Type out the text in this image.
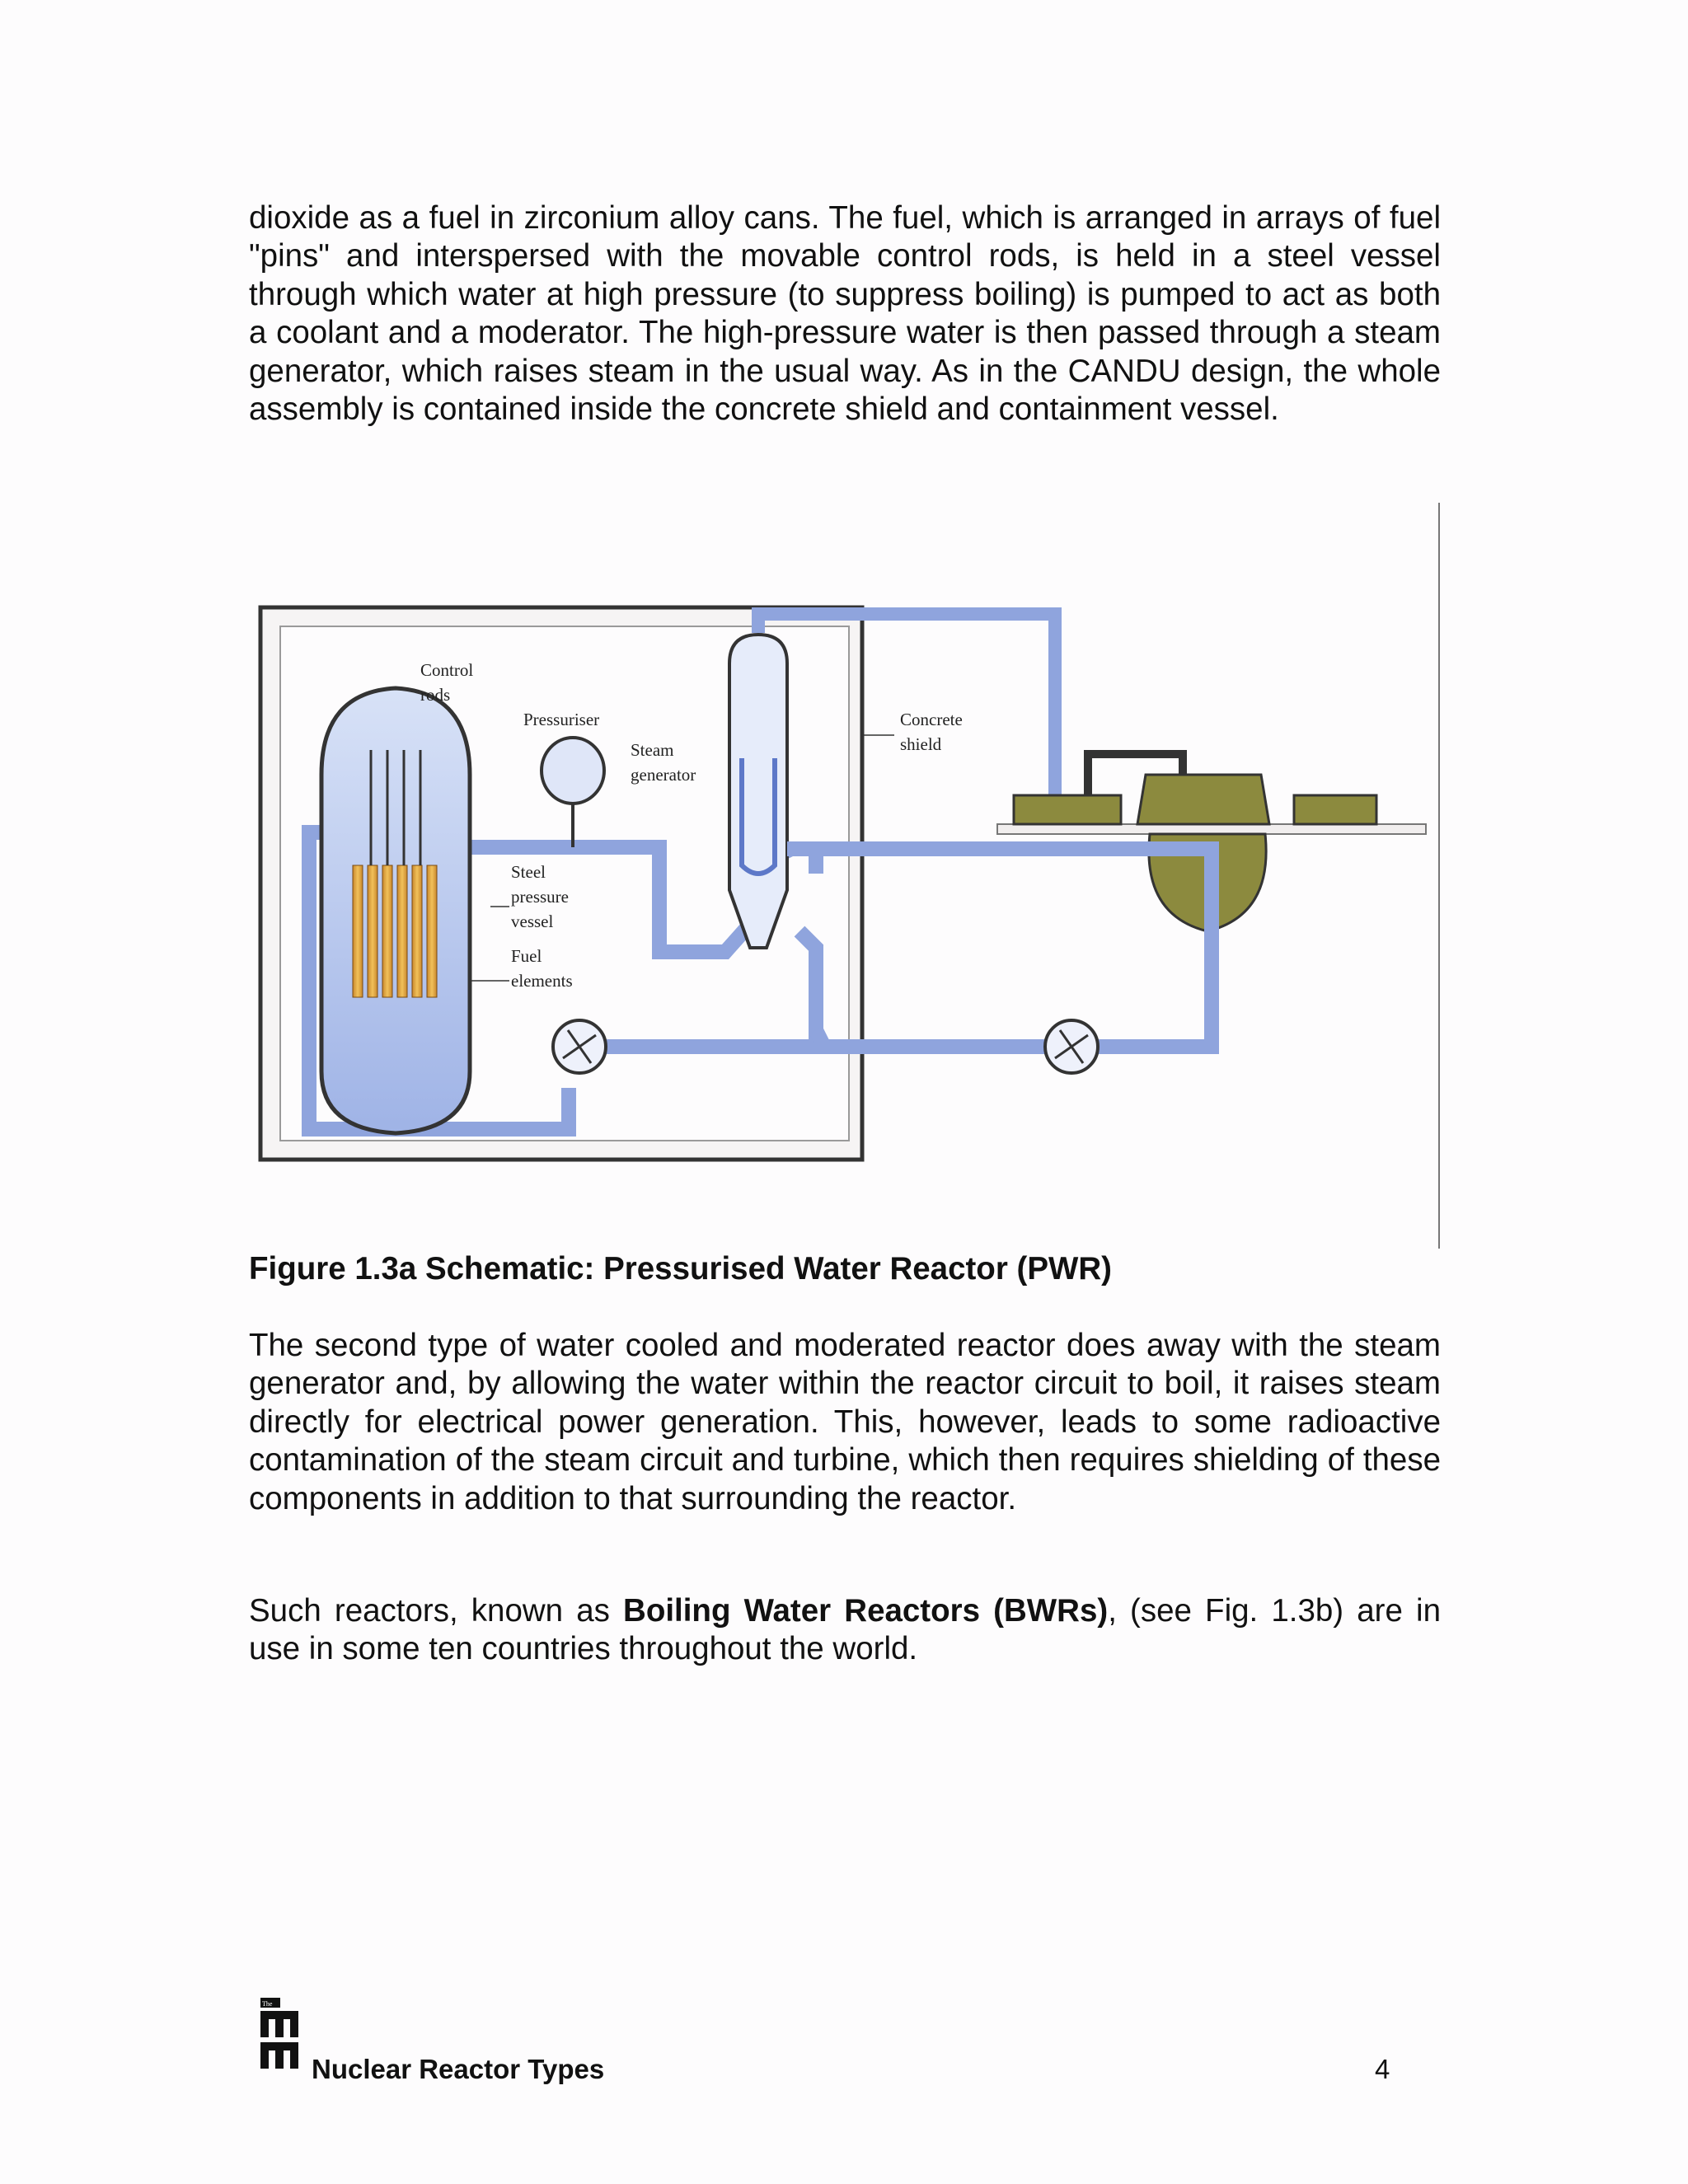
dioxide as a fuel in zirconium alloy cans. The fuel, which is arranged in arrays of fuel "pins" and interspersed with the movable control rods, is held in a steel vessel through which water at high pressure (to suppress boiling) is pumped to act as both a coolant and a moderator. The high-pressure water is then passed through a steam generator, which raises steam in the usual way. As in the CANDU design, the whole assembly is contained inside the concrete shield and containment vessel.

Control
rods
Pressuriser
Steam
generator
Concrete
shield
Steel
pressure
vessel
Fuel
elements

Figure 1.3a Schematic: Pressurised Water Reactor (PWR)

The second type of water cooled and moderated reactor does away with the steam generator and, by allowing the water within the reactor circuit to boil, it raises steam directly for electrical power generation. This, however, leads to some radioactive contamination of the steam circuit and turbine, which then requires shielding of these components in addition to that surrounding the reactor.

Such reactors, known as Boiling Water Reactors (BWRs), (see Fig. 1.3b) are in use in some ten countries throughout the world.

The
Nuclear Reactor Types	4
